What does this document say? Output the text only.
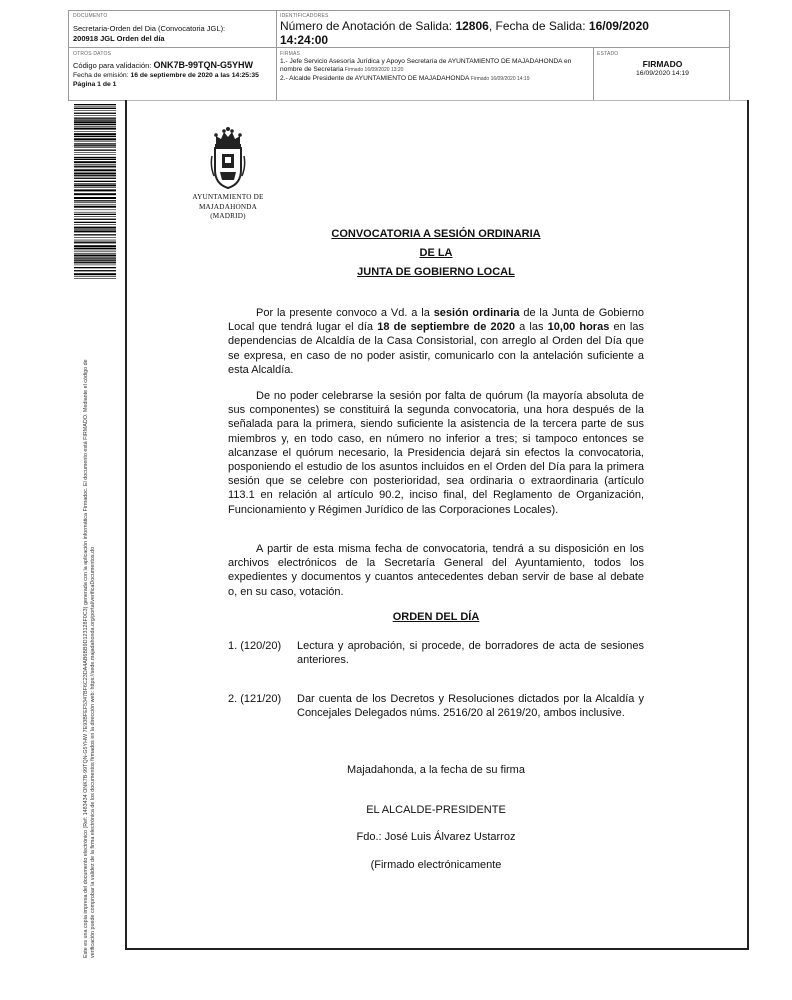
DOCUMENTO
Secretaria-Orden del Dia (Convocatoria JGL):
200918 JGL Orden del día
IDENTIFICADORES
Número de Anotación de Salida: 12806, Fecha de Salida: 16/09/2020
14:24:00
OTROS DATOS
Código para validación: ONK7B-99TQN-G5YHW
Fecha de emisión: 16 de septiembre de 2020 a las 14:25:35
Página 1 de 1
FIRMAS
1.- Jefe Servicio Asesoría Jurídica y Apoyo Secretaría de AYUNTAMIENTO DE MAJADAHONDA en
nombre de Secretaria Firmado 16/09/2020 13:20
2.- Alcalde Presidente de AYUNTAMIENTO DE MAJADAHONDA Firmado 16/09/2020 14:19
ESTADO
FIRMADO
16/09/2020 14:19
Este es una copia impresa del documento electrónico (Ref: 1483434 ONK7B-99TQN-G5YHW 7E93BFEF5347BF6C23DA4AB6BB9D123128F0C3) generada con la aplicación informática Firmadoc. El documento está FIRMADO. Mediante el código de verificación puede comprobar la validez de la firma electrónica de los documentos firmados en la dirección web: https://sede.majadahonda.org/portal/verificaDocumentos.do
AYUNTAMIENTO DE
MAJADAHONDA
(MADRID)
CONVOCATORIA A SESIÓN ORDINARIA
DE LA
JUNTA DE GOBIERNO LOCAL

Por la presente convoco a Vd. a la sesión ordinaria de la Junta de Gobierno Local que tendrá lugar el día 18 de septiembre de 2020 a las 10,00 horas en las dependencias de Alcaldía de la Casa Consistorial, con arreglo al Orden del Día que se expresa, en caso de no poder asistir, comunicarlo con la antelación suficiente a esta Alcaldía.

De no poder celebrarse la sesión por falta de quórum (la mayoría absoluta de sus componentes) se constituirá la segunda convocatoria, una hora después de la señalada para la primera, siendo suficiente la asistencia de la tercera parte de sus miembros y, en todo caso, en número no inferior a tres; si tampoco entonces se alcanzase el quórum necesario, la Presidencia dejará sin efectos la convocatoria, posponiendo el estudio de los asuntos incluidos en el Orden del Día para la primera sesión que se celebre con posterioridad, sea ordinaria o extraordinaria (artículo 113.1 en relación al artículo 90.2, inciso final, del Reglamento de Organización, Funcionamiento y Régimen Jurídico de las Corporaciones Locales).

A partir de esta misma fecha de convocatoria, tendrá a su disposición en los archivos electrónicos de la Secretaría General del Ayuntamiento, todos los expedientes y documentos y cuantos antecedentes deban servir de base al debate o, en su caso, votación.

ORDEN DEL DÍA
1. (120/20) Lectura y aprobación, si procede, de borradores de acta de sesiones anteriores.
2. (121/20) Dar cuenta de los Decretos y Resoluciones dictados por la Alcaldía y Concejales Delegados núms. 2516/20 al 2619/20, ambos inclusive.
Majadahonda, a la fecha de su firma
EL ALCALDE-PRESIDENTE
Fdo.: José Luis Álvarez Ustarroz
(Firmado electrónicamente
